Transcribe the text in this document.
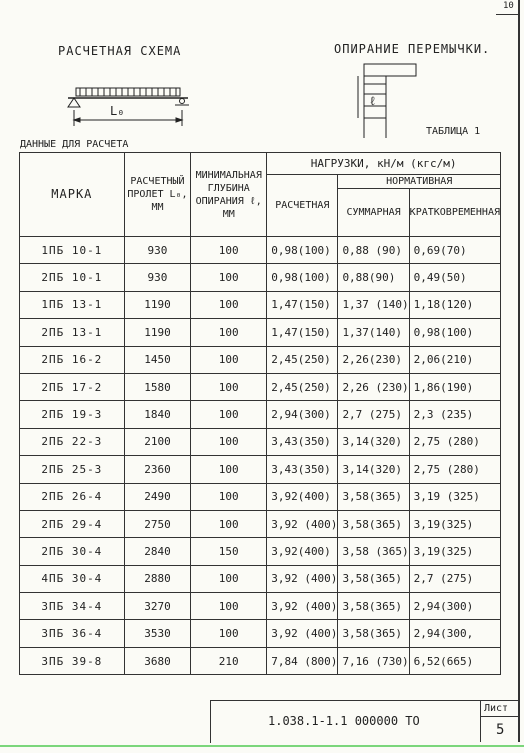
10
РАСЧЕТНАЯ СХЕМА
L₀
ОПИРАНИЕ ПЕРЕМЫЧКИ.
ℓ
ТАБЛИЦА 1
ДАННЫЕ ДЛЯ РАСЧЕТА
МАРКА	РАСЧЕТНЫЙ ПРОЛЕТ L₀, ММ	МИНИМАЛЬНАЯ ГЛУБИНА ОПИРАНИЯ ℓ, ММ	НАГРУЗКИ, кН/м (кгс/м)		
			РАСЧЕТНАЯ	НОРМАТИВНАЯ	
				СУММАРНАЯ	КРАТКОВРЕМЕННАЯ
1ПБ 10-1	930	100	0,98(100)	0,88 (90)	0,69(70)
2ПБ 10-1	930	100	0,98(100)	0,88(90)	0,49(50)
1ПБ 13-1	1190	100	1,47(150)	1,37 (140)	1,18(120)
2ПБ 13-1	1190	100	1,47(150)	1,37(140)	0,98(100)
2ПБ 16-2	1450	100	2,45(250)	2,26(230)	2,06(210)
2ПБ 17-2	1580	100	2,45(250)	2,26 (230)	1,86(190)
2ПБ 19-3	1840	100	2,94(300)	2,7 (275)	2,3 (235)
2ПБ 22-3	2100	100	3,43(350)	3,14(320)	2,75 (280)
2ПБ 25-3	2360	100	3,43(350)	3,14(320)	2,75 (280)
2ПБ 26-4	2490	100	3,92(400)	3,58(365)	3,19 (325)
2ПБ 29-4	2750	100	3,92 (400)	3,58(365)	3,19(325)
2ПБ 30-4	2840	150	3,92(400)	3,58 (365)	3,19(325)
4ПБ 30-4	2880	100	3,92 (400)	3,58(365)	2,7 (275)
3ПБ 34-4	3270	100	3,92 (400)	3,58(365)	2,94(300)
3ПБ 36-4	3530	100	3,92 (400)	3,58(365)	2,94(300,
3ПБ 39-8	3680	210	7,84 (800)	7,16 (730)	6,52(665)
1.038.1-1.1 000000 ТО
Лист
5
